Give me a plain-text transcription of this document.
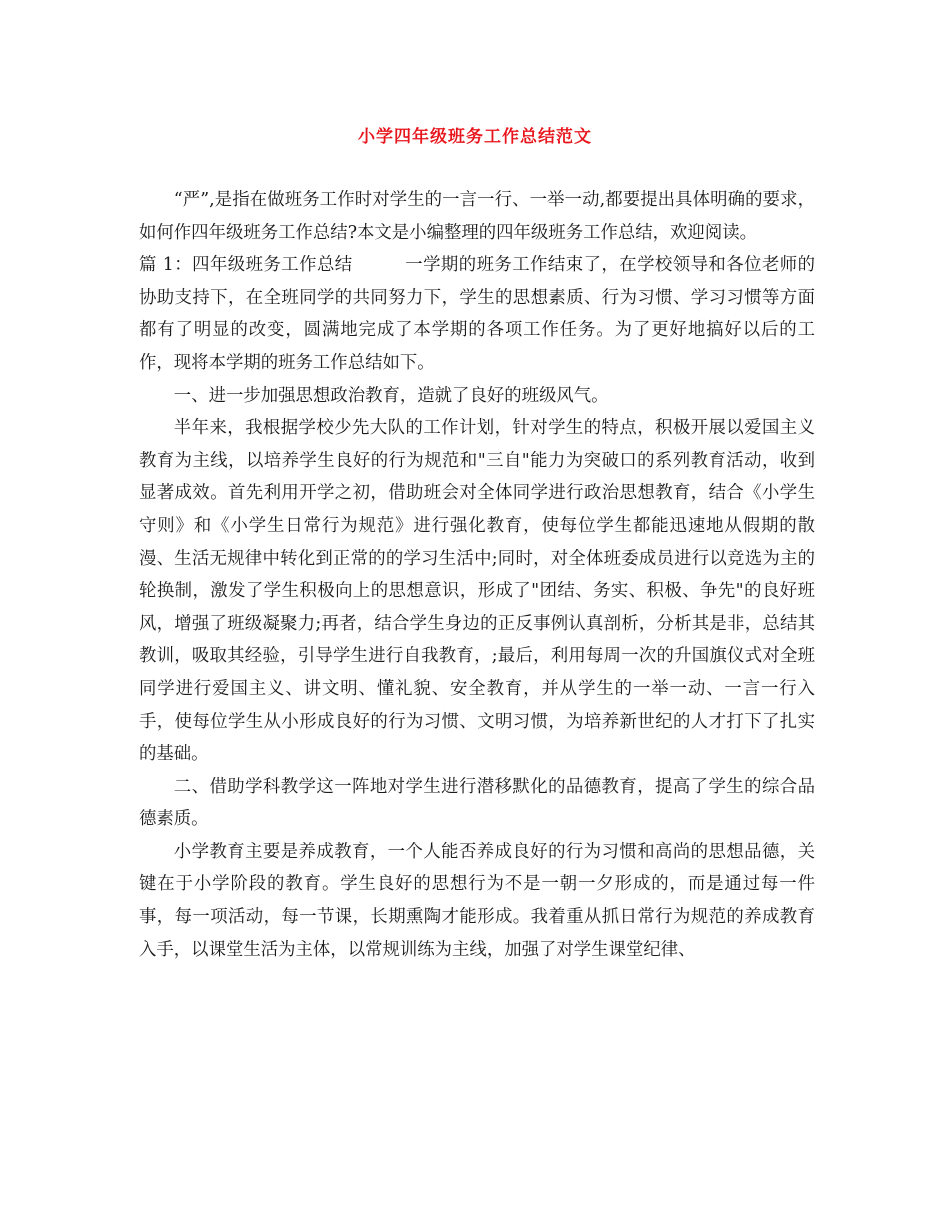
小学四年级班务工作总结范文

“严”,是指在做班务工作时对学生的一言一行、一举一动,都要提出具体明确的要求，如何作四年级班务工作总结?本文是小编整理的四年级班务工作总结，欢迎阅读。

篇 1：四年级班务工作总结	一学期的班务工作结束了，在学校领导和各位老师的协助支持下，在全班同学的共同努力下，学生的思想素质、行为习惯、学习习惯等方面都有了明显的改变，圆满地完成了本学期的各项工作任务。为了更好地搞好以后的工作，现将本学期的班务工作总结如下。

一、进一步加强思想政治教育，造就了良好的班级风气。

半年来，我根据学校少先大队的工作计划，针对学生的特点，积极开展以爱国主义教育为主线，以培养学生良好的行为规范和"三自"能力为突破口的系列教育活动，收到显著成效。首先利用开学之初，借助班会对全体同学进行政治思想教育，结合《小学生守则》和《小学生日常行为规范》进行强化教育，使每位学生都能迅速地从假期的散漫、生活无规律中转化到正常的的学习生活中;同时，对全体班委成员进行以竞选为主的轮换制，激发了学生积极向上的思想意识，形成了"团结、务实、积极、争先"的良好班风，增强了班级凝聚力;再者，结合学生身边的正反事例认真剖析，分析其是非，总结其教训，吸取其经验，引导学生进行自我教育，;最后，利用每周一次的升国旗仪式对全班同学进行爱国主义、讲文明、懂礼貌、安全教育，并从学生的一举一动、一言一行入手，使每位学生从小形成良好的行为习惯、文明习惯，为培养新世纪的人才打下了扎实的基础。

二、借助学科教学这一阵地对学生进行潜移默化的品德教育，提高了学生的综合品德素质。

小学教育主要是养成教育，一个人能否养成良好的行为习惯和高尚的思想品德，关键在于小学阶段的教育。学生良好的思想行为不是一朝一夕形成的，而是通过每一件事，每一项活动，每一节课，长期熏陶才能形成。我着重从抓日常行为规范的养成教育入手，以课堂生活为主体，以常规训练为主线，加强了对学生课堂纪律、
